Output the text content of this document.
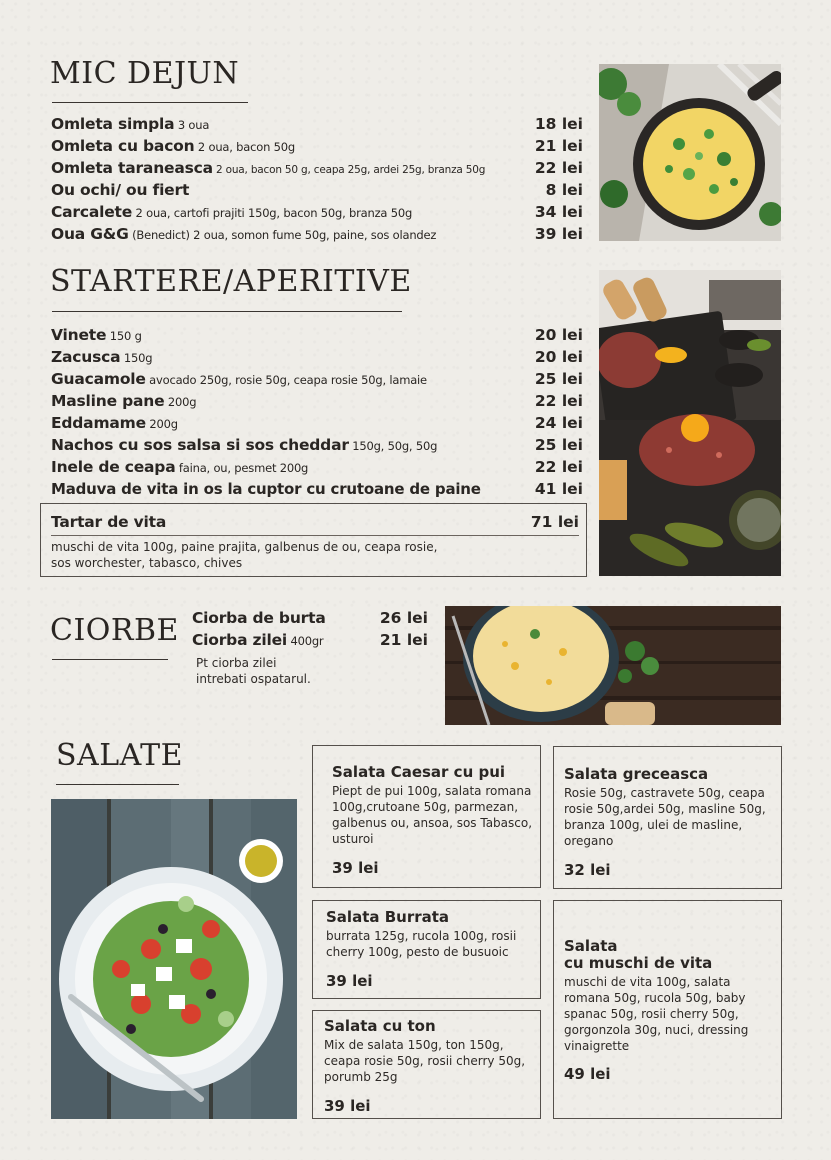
MIC DEJUN
Omleta simpla 3 oua	18 lei
Omleta cu bacon 2 oua, bacon 50g	21 lei
Omleta taraneasca 2 oua, bacon 50 g, ceapa 25g, ardei 25g, branza 50g	22 lei
Ou ochi/ ou fiert	8 lei
Carcalete 2 oua, cartofi prajiti 150g, bacon 50g, branza 50g	34 lei
Oua G&G (Benedict) 2 oua, somon fume 50g, paine, sos olandez	39 lei
STARTERE/APERITIVE
Vinete 150 g	20 lei
Zacusca 150g	20 lei
Guacamole avocado 250g, rosie 50g, ceapa rosie 50g, lamaie	25 lei
Masline pane 200g	22 lei
Eddamame 200g	24 lei
Nachos cu sos salsa si sos cheddar 150g, 50g, 50g	25 lei
Inele de ceapa faina, ou, pesmet 200g	22 lei
Maduva de vita in os la cuptor cu crutoane de paine	41 lei
Tartar de vita	71 lei
muschi de vita 100g, paine prajita, galbenus de ou, ceapa rosie,
sos worchester, tabasco, chives
CIORBE Ciorba de burta	26 lei
Ciorba zilei 400gr	21 lei
Pt ciorba zilei
intrebati ospatarul.
SALATE	Salata Caesar cu pui
Piept de pui 100g, salata romana 100g,crutoane 50g, parmezan, galbenus ou, ansoa, sos Tabasco, usturoi
39 lei
Salata greceasca
Rosie 50g, castravete 50g, ceapa rosie 50g,ardei 50g, masline 50g, branza 100g, ulei de masline, oregano
32 lei
Salata Burrata
burrata 125g, rucola 100g, rosii cherry 100g, pesto de busuoic
39 lei
Salata
cu muschi de vita
muschi de vita 100g, salata romana 50g, rucola 50g, baby spanac 50g, rosii cherry 50g, gorgonzola 30g, nuci, dressing vinaigrette
49 lei
Salata cu ton
Mix de salata 150g, ton 150g, ceapa rosie 50g, rosii cherry 50g, porumb 25g
39 lei
